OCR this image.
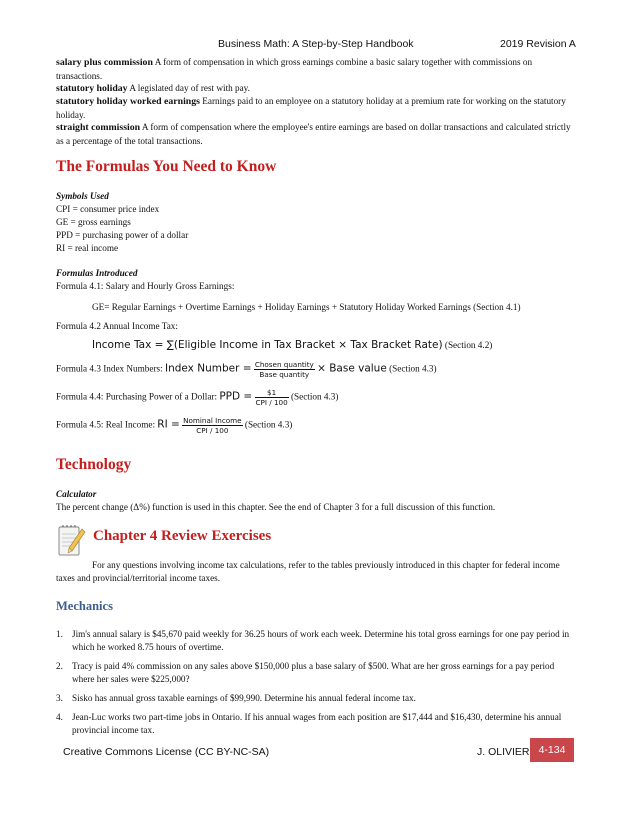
Business Math: A Step-by-Step Handbook	2019 Revision A
salary plus commission A form of compensation in which gross earnings combine a basic salary together with commissions on transactions.
statutory holiday A legislated day of rest with pay.
statutory holiday worked earnings Earnings paid to an employee on a statutory holiday at a premium rate for working on the statutory holiday.
straight commission A form of compensation where the employee's entire earnings are based on dollar transactions and calculated strictly as a percentage of the total transactions.
The Formulas You Need to Know
Symbols Used
CPI = consumer price index
GE = gross earnings
PPD = purchasing power of a dollar
RI = real income
Formulas Introduced
Formula 4.1: Salary and Hourly Gross Earnings:
GE= Regular Earnings + Overtime Earnings + Holiday Earnings + Statutory Holiday Worked Earnings (Section 4.1)
Formula 4.2 Annual Income Tax:
Income Tax = ∑(Eligible Income in Tax Bracket × Tax Bracket Rate) (Section 4.2)
Formula 4.3 Index Numbers: Index Number = $\frac{\text{Chosen quantity}}{\text{Base quantity}}$ × Base value (Section 4.3)
Formula 4.4: Purchasing Power of a Dollar: PPD = $\frac{\$1}{\text{CPI / 100}}$ (Section 4.3)
Formula 4.5: Real Income: RI = $\frac{\text{Nominal Income}}{\text{CPI / 100}}$ (Section 4.3)
Technology
Calculator
The percent change (Δ%) function is used in this chapter. See the end of Chapter 3 for a full discussion of this function.
Chapter 4 Review Exercises
For any questions involving income tax calculations, refer to the tables previously introduced in this chapter for federal income taxes and provincial/territorial income taxes.
Mechanics
1. Jim's annual salary is $45,670 paid weekly for 36.25 hours of work each week. Determine his total gross earnings for one pay period in which he worked 8.75 hours of overtime.
2. Tracy is paid 4% commission on any sales above $150,000 plus a base salary of $500. What are her gross earnings for a pay period where her sales were $225,000?
3. Sisko has annual gross taxable earnings of $99,990. Determine his annual federal income tax.
4. Jean-Luc works two part-time jobs in Ontario. If his annual wages from each position are $17,444 and $16,430, determine his annual provincial income tax.
Creative Commons License (CC BY-NC-SA)	J. OLIVIER 4-134
